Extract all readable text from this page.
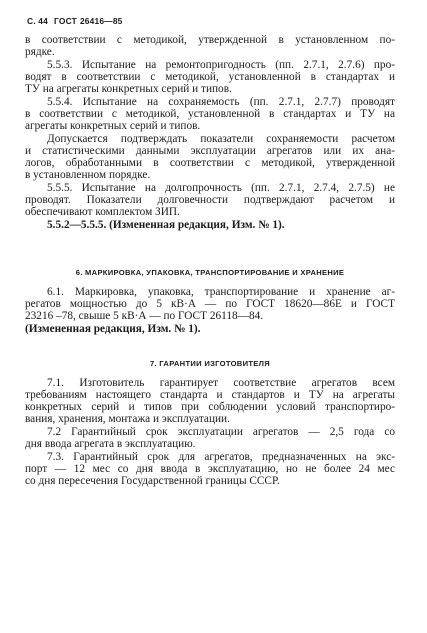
С. 44 ГОСТ 26416—85
в соответствии с методикой, утвержденной в установленном по-
рядке.
5.5.3. Испытание на ремонтопригодность (пп. 2.7.1, 2.7.6) про-
водят в соответствии с методикой, установленной в стандартах и
ТУ на агрегаты конкретных серий и типов.
5.5.4. Испытание на сохраняемость (пп. 2.7.1, 2.7.7) проводят
в соответствии с методикой, установленной в стандартах и ТУ на
агрегаты конкретных серий и типов.
Допускается подтверждать показатели сохраняемости расчетом
и статистическими данными эксплуатации агрегатов или их ана-
логов, обработанными в соответствии с методикой, утвержденной
в установленном порядке.
5.5.5. Испытание на долгопрочность (пп. 2.7.1, 2.7.4, 2.7.5) не
проводят. Показатели долговечности подтверждают расчетом и
обеспечивают комплектом ЗИП.
5.5.2—5.5.5. (Измененная редакция, Изм. № 1).
6. МАРКИРОВКА, УПАКОВКА, ТРАНСПОРТИРОВАНИЕ И ХРАНЕНИЕ
6.1. Маркировка, упаковка, транспортирование и хранение аг-
регатов мощностью до 5 кВ·А — по ГОСТ 18620—86Е и ГОСТ
23216 –78, свыше 5 кВ·А — по ГОСТ 26118—84.
(Измененная редакция, Изм. № 1).
7. ГАРАНТИИ ИЗГОТОВИТЕЛЯ
7.1. Изготовитель гарантирует соответствие агрегатов всем
требованиям настоящего стандарта и стандартов и ТУ на агрегаты
конкретных серий и типов при соблюдении условий транспортиро-
вания, хранения, монтажа и эксплуатации.
7.2 Гарантийный срок эксплуатации агрегатов — 2,5 года со
дня ввода агрегата в эксплуатацию.
7.3. Гарантийный срок для агрегатов, предназначенных на экс-
порт — 12 мес со дня ввода в эксплуатацию, но не более 24 мес
со дня пересечения Государственной границы СССР.
